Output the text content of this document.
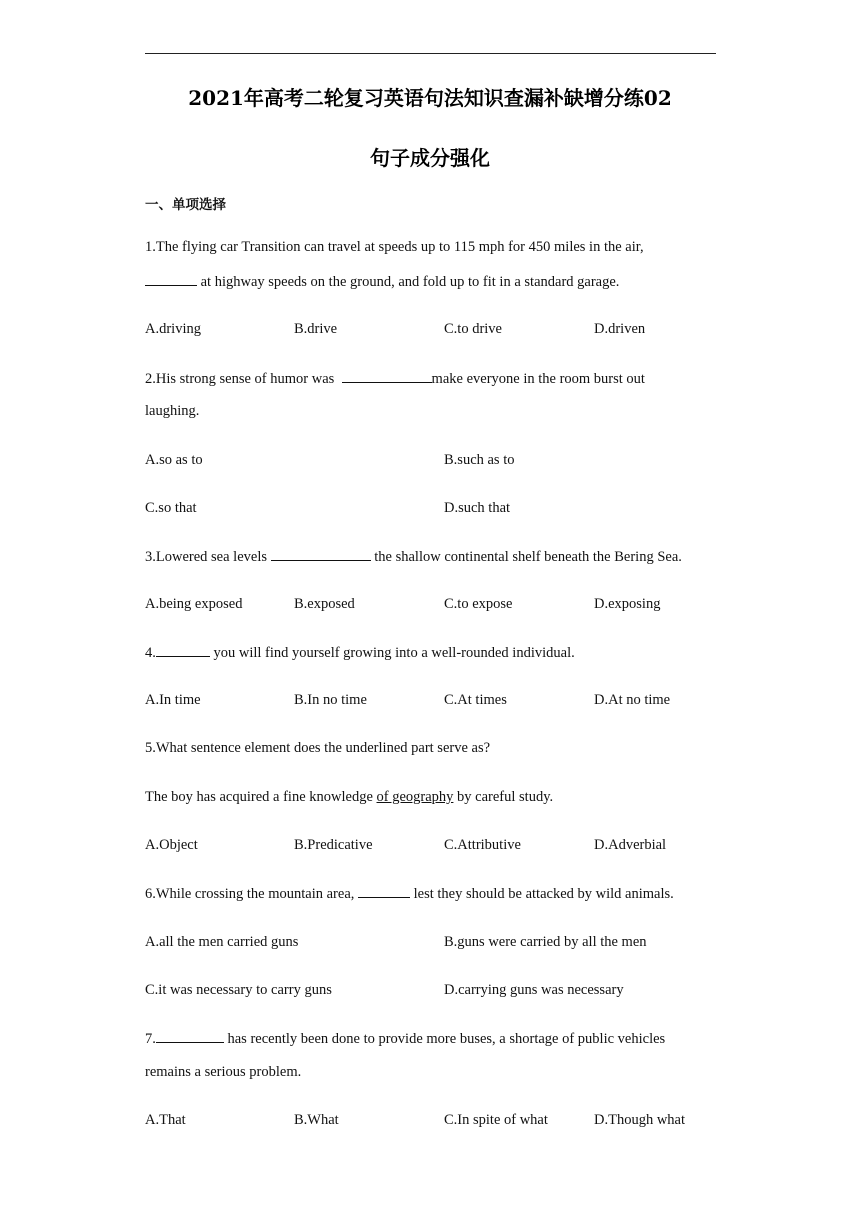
2021年高考二轮复习英语句法知识查漏补缺增分练02
句子成分强化
一、单项选择
1.The flying car Transition can travel at speeds up to 115 mph for 450 miles in the air,
at highway speeds on the ground, and fold up to fit in a standard garage.
A.driving	B.drive	C.to drive	D.driven
2.His strong sense of humor was	make everyone in the room burst out
laughing.
A.so as to	B.such as to
C.so that	D.such that
3.Lowered sea levels	the shallow continental shelf beneath the Bering Sea.
A.being exposed	B.exposed	C.to expose	D.exposing
4.	you will find yourself growing into a well-rounded individual.
A.In time	B.In no time	C.At times	D.At no time
5.What sentence element does the underlined part serve as?
The boy has acquired a fine knowledge of geography by careful study.
A.Object	B.Predicative	C.Attributive	D.Adverbial
6.While crossing the mountain area,	lest they should be attacked by wild animals.
A.all the men carried guns	B.guns were carried by all the men
C.it was necessary to carry guns	D.carrying guns was necessary
7.	has recently been done to provide more buses, a shortage of public vehicles
remains a serious problem.
A.That	B.What	C.In spite of what	D.Though what
